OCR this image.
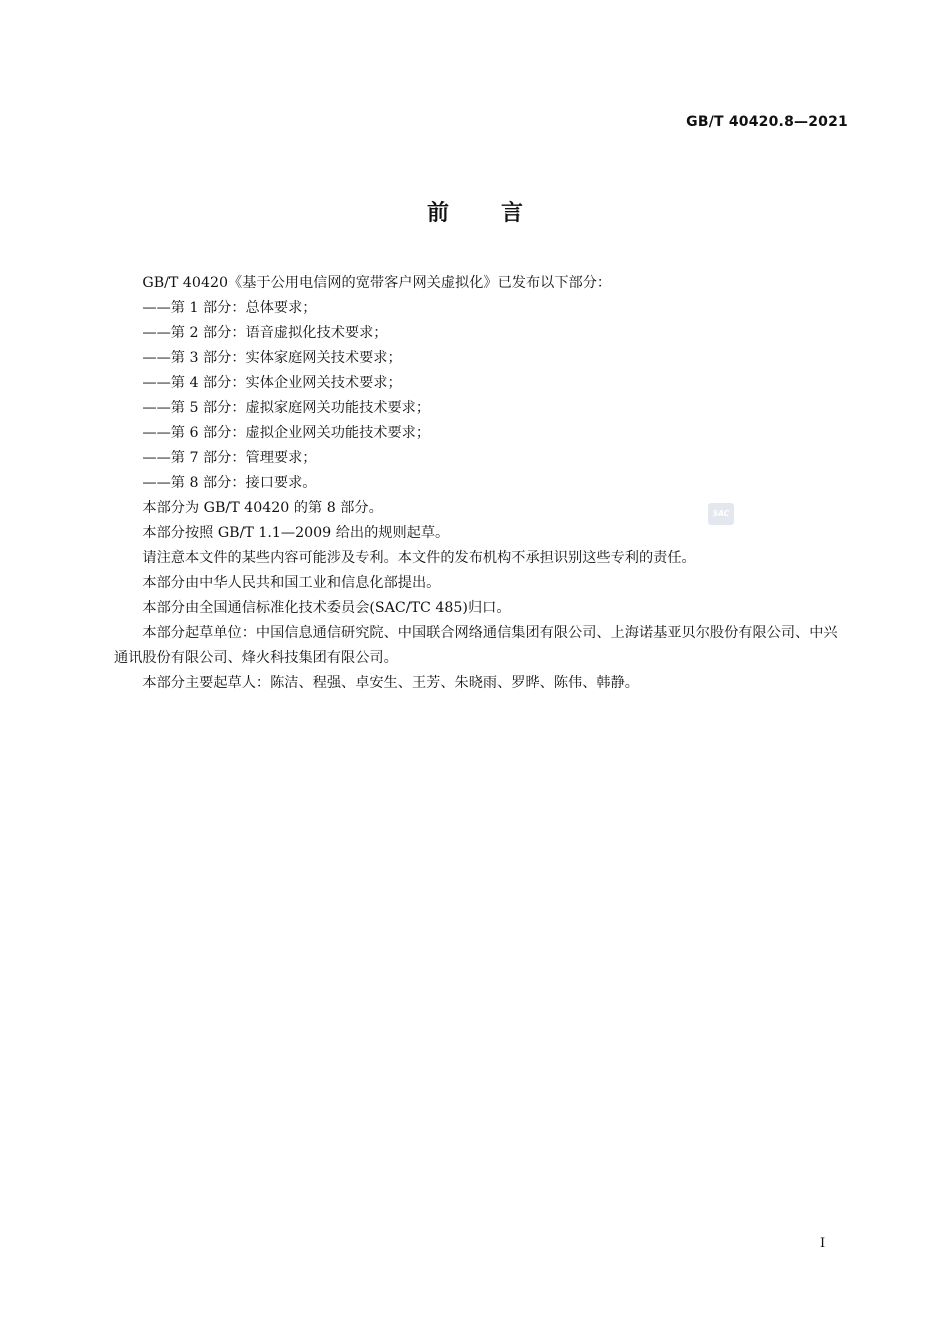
GB/T 40420.8—2021
前言

GB/T 40420《基于公用电信网的宽带客户网关虚拟化》已发布以下部分：

——第 1 部分：总体要求；

——第 2 部分：语音虚拟化技术要求；

——第 3 部分：实体家庭网关技术要求；

——第 4 部分：实体企业网关技术要求；

——第 5 部分：虚拟家庭网关功能技术要求；

——第 6 部分：虚拟企业网关功能技术要求；

——第 7 部分：管理要求；

——第 8 部分：接口要求。

本部分为 GB/T 40420 的第 8 部分。

本部分按照 GB/T 1.1—2009 给出的规则起草。

请注意本文件的某些内容可能涉及专利。本文件的发布机构不承担识别这些专利的责任。

本部分由中华人民共和国工业和信息化部提出。

本部分由全国通信标准化技术委员会(SAC/TC 485)归口。

本部分起草单位：中国信息通信研究院、中国联合网络通信集团有限公司、上海诺基亚贝尔股份有限公司、中兴通讯股份有限公司、烽火科技集团有限公司。

本部分主要起草人：陈洁、程强、卓安生、王芳、朱晓雨、罗晔、陈伟、韩静。

SAC
I
